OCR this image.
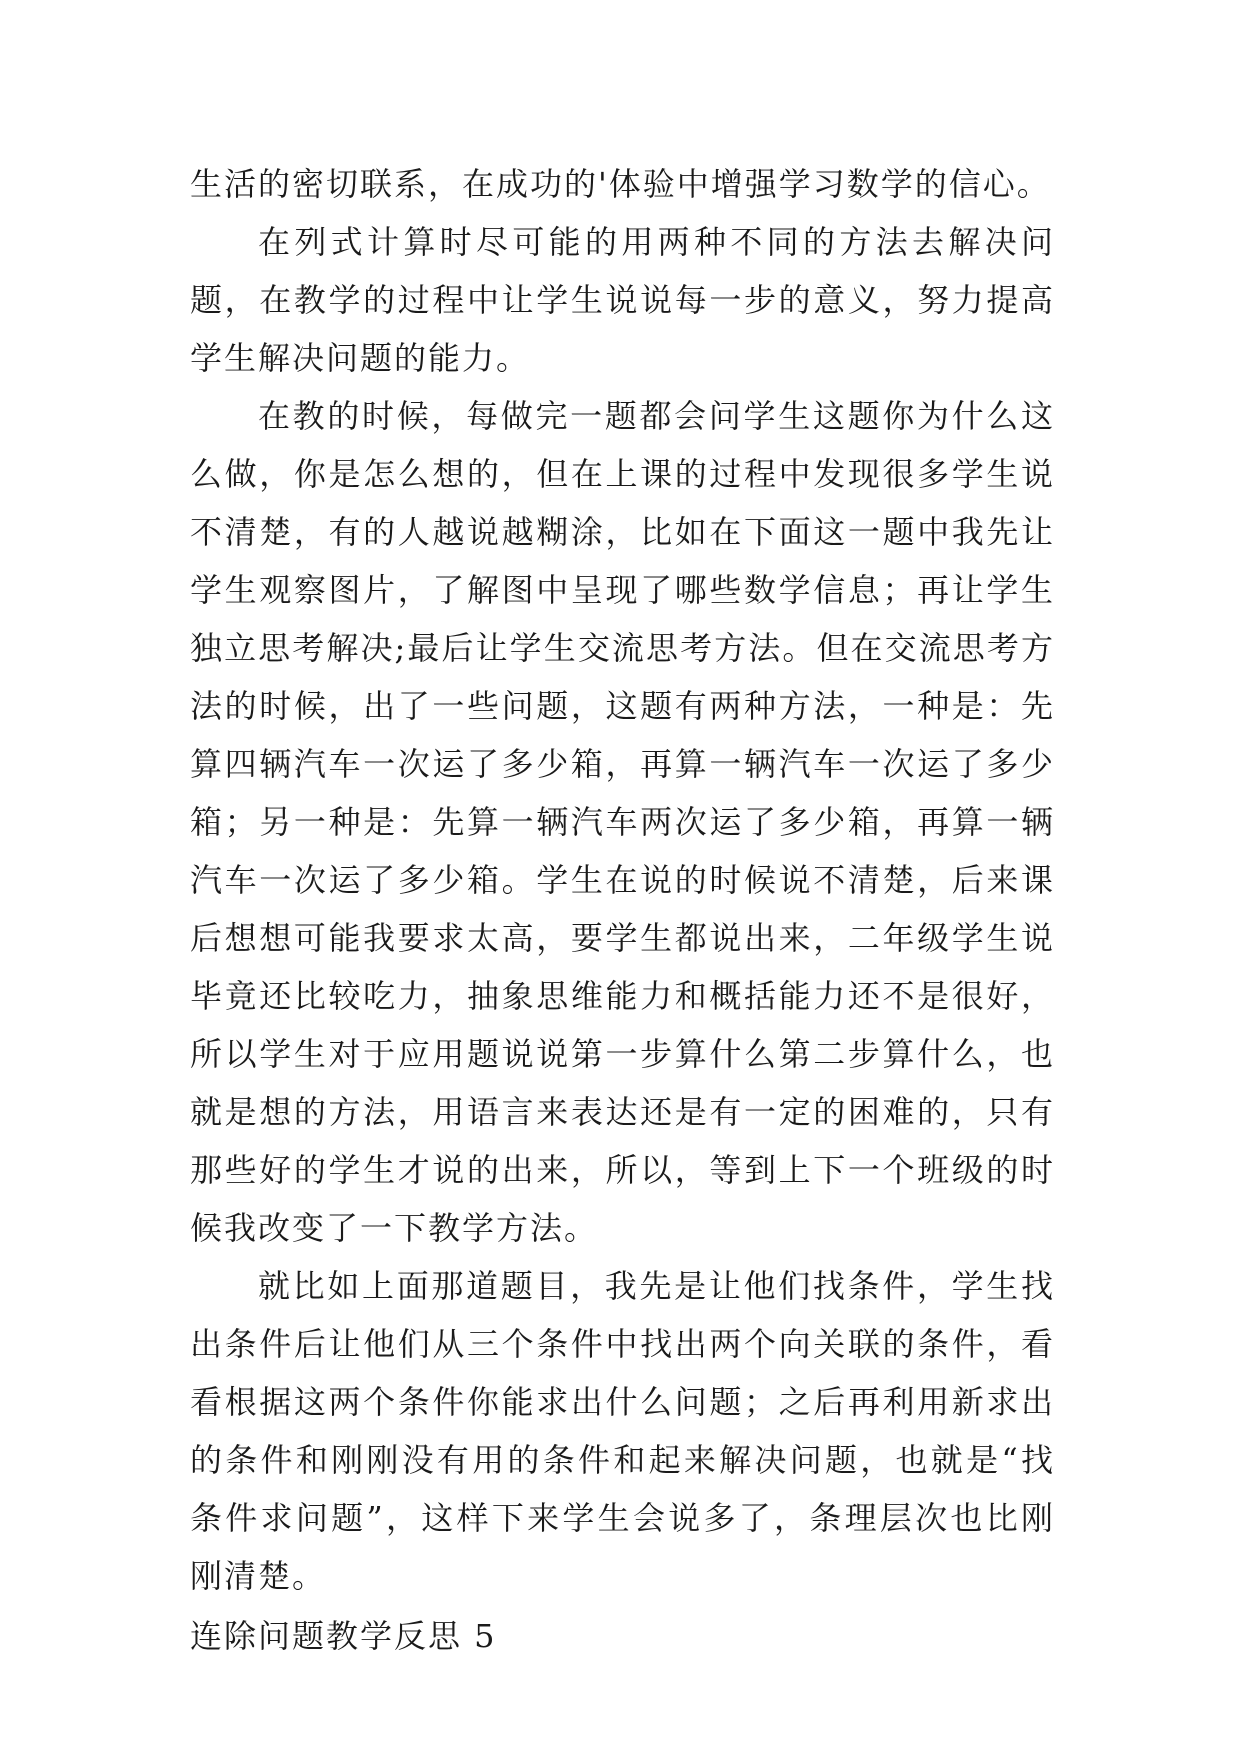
生活的密切联系，在成功的'体验中增强学习数学的信心。

在列式计算时尽可能的用两种不同的方法去解决问题，在教学的过程中让学生说说每一步的意义，努力提高学生解决问题的能力。

在教的时候，每做完一题都会问学生这题你为什么这么做，你是怎么想的，但在上课的过程中发现很多学生说不清楚，有的人越说越糊涂，比如在下面这一题中我先让学生观察图片，了解图中呈现了哪些数学信息；再让学生独立思考解决;最后让学生交流思考方法。但在交流思考方法的时候，出了一些问题，这题有两种方法，一种是：先算四辆汽车一次运了多少箱，再算一辆汽车一次运了多少箱；另一种是：先算一辆汽车两次运了多少箱，再算一辆汽车一次运了多少箱。学生在说的时候说不清楚，后来课后想想可能我要求太高，要学生都说出来，二年级学生说毕竟还比较吃力，抽象思维能力和概括能力还不是很好，所以学生对于应用题说说第一步算什么第二步算什么，也就是想的方法，用语言来表达还是有一定的困难的，只有那些好的学生才说的出来，所以，等到上下一个班级的时候我改变了一下教学方法。

就比如上面那道题目，我先是让他们找条件，学生找出条件后让他们从三个条件中找出两个向关联的条件，看看根据这两个条件你能求出什么问题；之后再利用新求出的条件和刚刚没有用的条件和起来解决问题，也就是“找条件求问题”，这样下来学生会说多了，条理层次也比刚刚清楚。

连除问题教学反思 5
